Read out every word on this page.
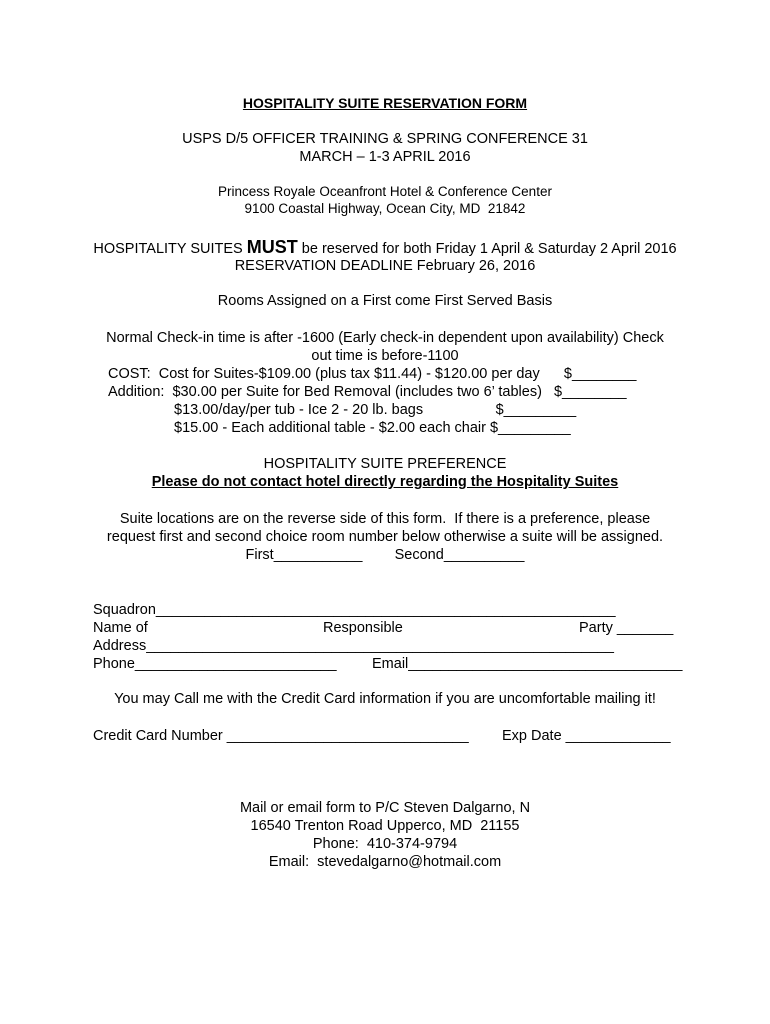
HOSPITALITY SUITE RESERVATION FORM
USPS D/5 OFFICER TRAINING & SPRING CONFERENCE 31
MARCH – 1-3 APRIL 2016
Princess Royale Oceanfront Hotel & Conference Center
9100 Coastal Highway, Ocean City, MD  21842
HOSPITALITY SUITES MUST be reserved for both Friday 1 April & Saturday 2 April 2016
RESERVATION DEADLINE February 26, 2016
Rooms Assigned on a First come First Served Basis
Normal Check-in time is after -1600 (Early check-in dependent upon availability) Check
out time is before-1100
COST:  Cost for Suites-$109.00 (plus tax $11.44) - $120.00 per day      $________
Addition:  $30.00 per Suite for Bed Removal (includes two 6’ tables)   $________
$13.00/day/per tub - Ice 2 - 20 lb. bags                  $_________
$15.00 - Each additional table - $2.00 each chair $_________
HOSPITALITY SUITE PREFERENCE
Please do not contact hotel directly regarding the Hospitality Suites
Suite locations are on the reverse side of this form.  If there is a preference, please
request first and second choice room number below otherwise a suite will be assigned.
First___________        Second__________
Squadron_________________________________________________________
Name of	Responsible	Party _______
Address__________________________________________________________
Phone_________________________ Email__________________________________
You may Call me with the Credit Card information if you are uncomfortable mailing it!
Credit Card Number ______________________________ Exp Date _____________
Mail or email form to P/C Steven Dalgarno, N
16540 Trenton Road Upperco, MD  21155
Phone:  410-374-9794
Email:  stevedalgarno@hotmail.com
